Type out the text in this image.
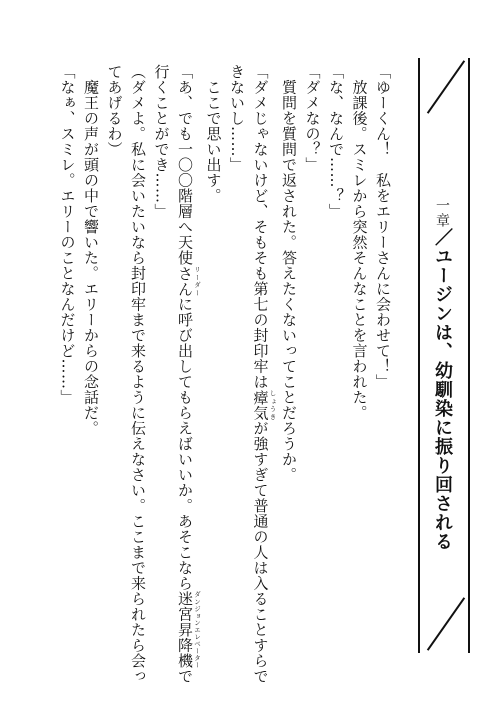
一章／ユージンは、幼馴染に振り回される

「ゆーくん！　私をエリーさんに会わせて！」

　放課後。スミレから突然そんなことを言われた。

「な、なんで……？」

「ダメなの？」

　質問を質問で返された。答えたくないってことだろうか。

「ダメじゃないけど、そもそも第七の封印牢は瘴気 しょうきが強すぎて普通の人は入ることすらで

きないし……」

　ここで思い出す。

「あ、でも一〇〇階層へ天使さん リーダーに呼び出してもらえばいいか。あそこなら迷宮昇降機 ダンジョンエレベーターで

行くことができ……」

（ダメよ。私に会いたいなら封印牢まで来るように伝えなさい。ここまで来られたら会っ

てあげるわ）

　魔王の声が頭の中で響いた。エリーからの念話だ。

「なぁ、スミレ。エリーのことなんだけど……」
